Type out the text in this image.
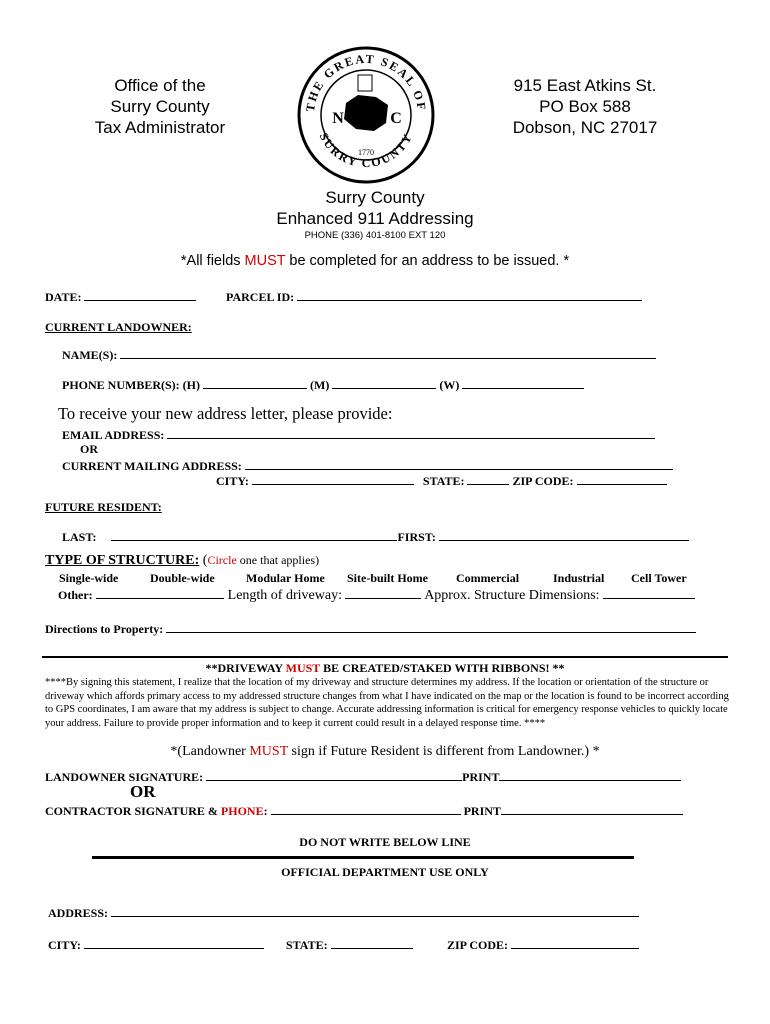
Office of the
Surry County
Tax Administrator
THE GREAT SEAL OF
SURRY COUNTY
N	C
1770
915 East Atkins St.
PO Box 588
Dobson, NC 27017
Surry County
Enhanced 911 Addressing
PHONE (336) 401-8100 EXT 120
*All fields MUST be completed for an address to be issued. *
DATE:	PARCEL ID:
CURRENT LANDOWNER:
NAME(S):
PHONE NUMBER(S): (H)	(M)	(W)
To receive your new address letter, please provide:
EMAIL ADDRESS:
OR
CURRENT MAILING ADDRESS:
CITY:	STATE:	ZIP CODE:
FUTURE RESIDENT:
LAST:	FIRST:
TYPE OF STRUCTURE: (Circle one that applies)
Single-wide	Double-wide	Modular Home Site-built Home Commercial	Industrial Cell Tower
Other:	Length of driveway:	Approx. Structure Dimensions:
Directions to Property:
**DRIVEWAY MUST BE CREATED/STAKED WITH RIBBONS! **
****By signing this statement, I realize that the location of my driveway and structure determines my address. If the location or orientation of the structure or driveway which affords primary access to my addressed structure changes from what I have indicated on the map or the location is found to be incorrect according to GPS coordinates, I am aware that my address is subject to change. Accurate addressing information is critical for emergency response vehicles to quickly locate your address. Failure to provide proper information and to keep it current could result in a delayed response time. ****
*(Landowner MUST sign if Future Resident is different from Landowner.) *
LANDOWNER SIGNATURE:	PRINT
OR
CONTRACTOR SIGNATURE & PHONE:	PRINT
DO NOT WRITE BELOW LINE
OFFICIAL DEPARTMENT USE ONLY
ADDRESS:
CITY:	STATE:	ZIP CODE:
